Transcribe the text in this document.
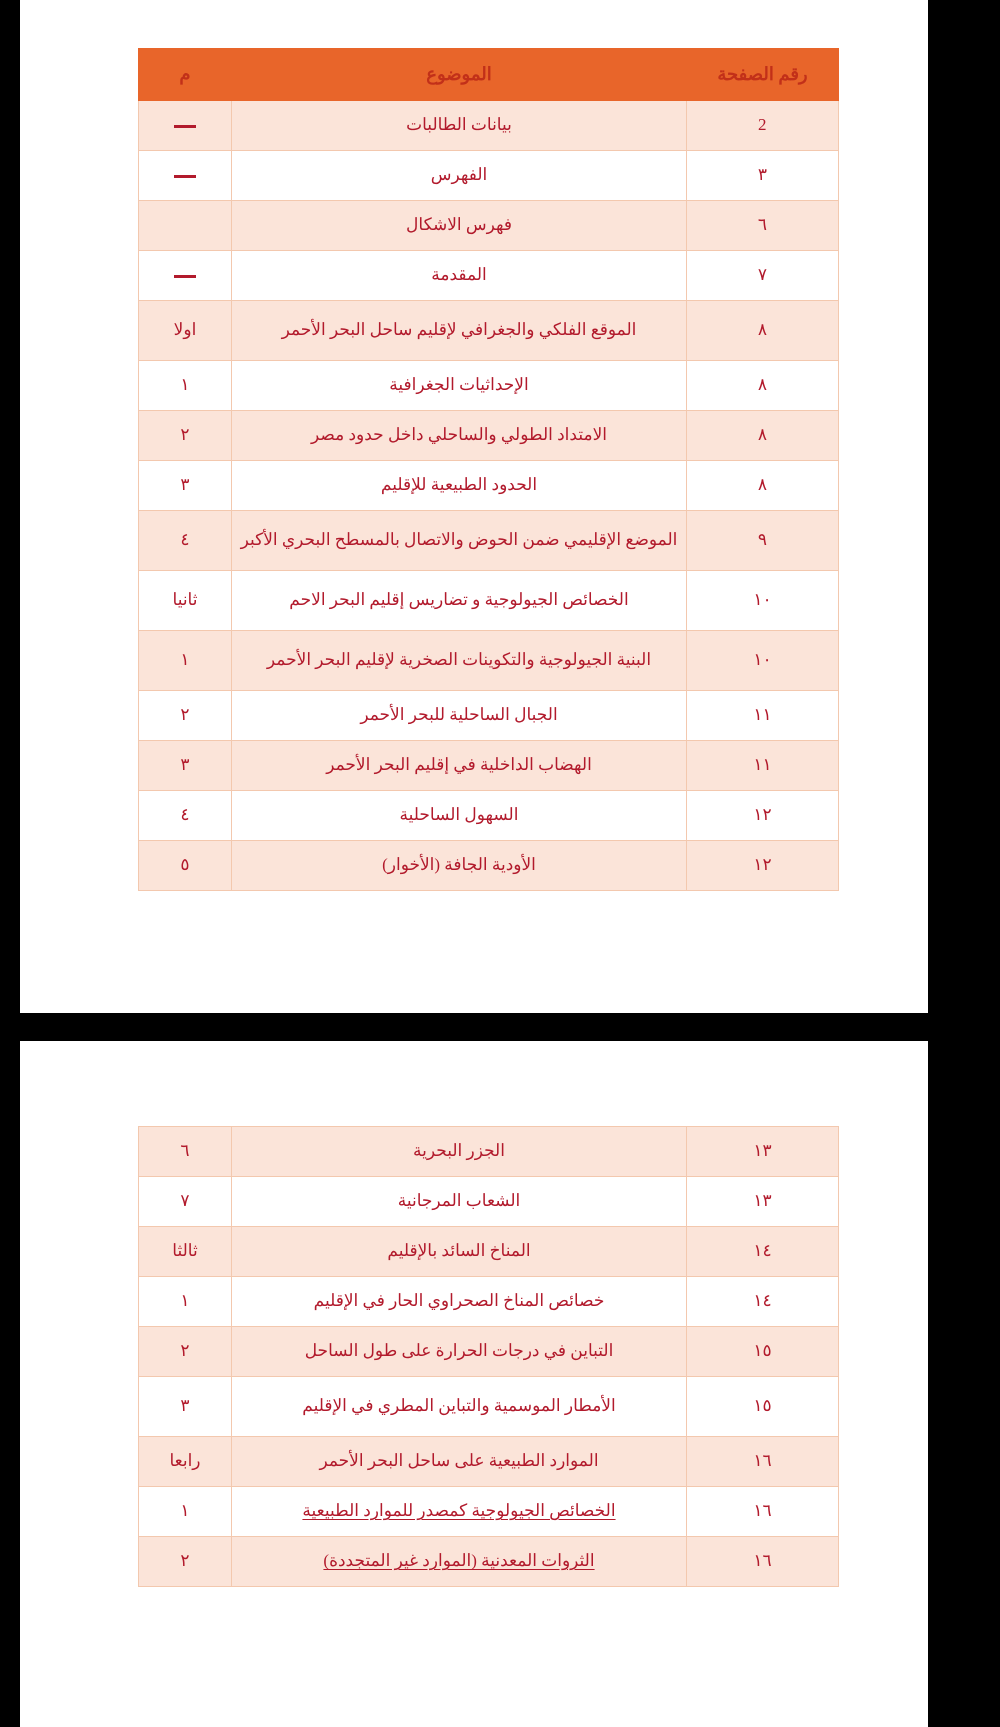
رقم الصفحة	الموضوع	م
2	بيانات الطالبات	
٣	الفهرس	
٦	فهرس الاشكال	
٧	المقدمة	
٨	الموقع الفلكي والجغرافي لإقليم ساحل البحر الأحمر	اولا
٨	الإحداثيات الجغرافية	١
٨	الامتداد الطولي والساحلي داخل حدود مصر	٢
٨	الحدود الطبيعية للإقليم	٣
٩	الموضع الإقليمي ضمن الحوض والاتصال بالمسطح البحري الأكبر	٤
١٠	الخصائص الجيولوجية و تضاريس إقليم البحر الاحم	ثانيا
١٠	البنية الجيولوجية والتكوينات الصخرية لإقليم البحر الأحمر	١
١١	الجبال الساحلية للبحر الأحمر	٢
١١	الهضاب الداخلية في إقليم البحر الأحمر	٣
١٢	السهول الساحلية	٤
١٢	الأودية الجافة (الأخوار)	٥
١٣	الجزر البحرية	٦
١٣	الشعاب المرجانية	٧
١٤	المناخ السائد بالإقليم	ثالثا
١٤	خصائص المناخ الصحراوي الحار في الإقليم	١
١٥	التباين في درجات الحرارة على طول الساحل	٢
١٥	الأمطار الموسمية والتباين المطري في الإقليم	٣
١٦	الموارد الطبيعية على ساحل البحر الأحمر	رابعا
١٦	الخصائص الجيولوجية كمصدر للموارد الطبيعية	١
١٦	الثروات المعدنية (الموارد غير المتجددة)	٢
